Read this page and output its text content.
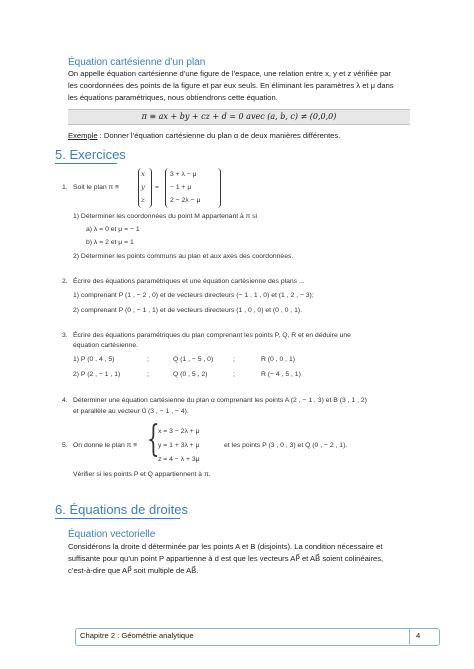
Équation cartésienne d’un plan
On appelle équation cartésienne d’une figure de l’espace, une relation entre x, y et z vérifiée par
les coordonnées des points de la figure et par eux seuls. En éliminant les paramètres λ et μ dans
les équations paramétriques, nous obtiendrons cette équation.
π ≡ ax + by + cz + d = 0 avec (a, b, c) ≠ (0,0,0)
Exemple : Donner l’équation cartésienne du plan α de deux manières différentes.
5. Exercices
1. Soit le plan π ≡
x
y
z
=
3 + λ − μ
− 1 + μ
2 − 2λ − μ
1) Déterminer les coordonnées du point M appartenant à π si
a) λ = 0 et μ = − 1
b) λ = 2 et μ = 1
2) Déterminer les points communs au plan et aux axes des coordonnées.
2. Écrire des équations paramétriques et une équation cartésienne des plans ...
1) comprenant P (1 , − 2 , 0) et de vecteurs directeurs (− 1 , 1 , 0) et (1 , 2 , − 3);
2) comprenant P (0 , − 1 , 1) et de vecteurs directeurs (1 , 0 , 0) et (0 , 0 , 1).
3. Écrire des équations paramétriques du plan comprenant les points P, Q, R et en déduire une
équation cartésienne.
1) P (0 , 4 , 5)	;	Q (1 , − 5 , 0)	;	R (0 , 0 , 1)
2) P (2 , − 1 , 1)	;	Q (0 , 5 , 2)	;	R (− 4 , 5 , 1)
4. Déterminer une équation cartésienne du plan α comprenant les points A (2 , − 1 , 3) et B (3 , 1 , 2)
et parallèle au vecteur u⃗ (3 , − 1 , − 4).
5. On donne le plan π ≡ {
x = 3 − 2λ + μ
y = 1 + 3λ + μ
z = 4 − λ + 3μ
et les points P (3 , 0 , 3) et Q (0 , − 2 , 1).
Vérifier si les points P et Q appartiennent à π.
6. Équations de droites
Équation vectorielle
Considérons la droite d déterminée par les points A et B (disjoints). La condition nécessaire et
suffisante pour qu’un point P appartienne à d est que les vecteurs AP⃗ et AB⃗ soient colinéaires,
c’est-à-dire que AP⃗ soit multiple de AB⃗.
Chapitre 2 : Géométrie analytique	4
